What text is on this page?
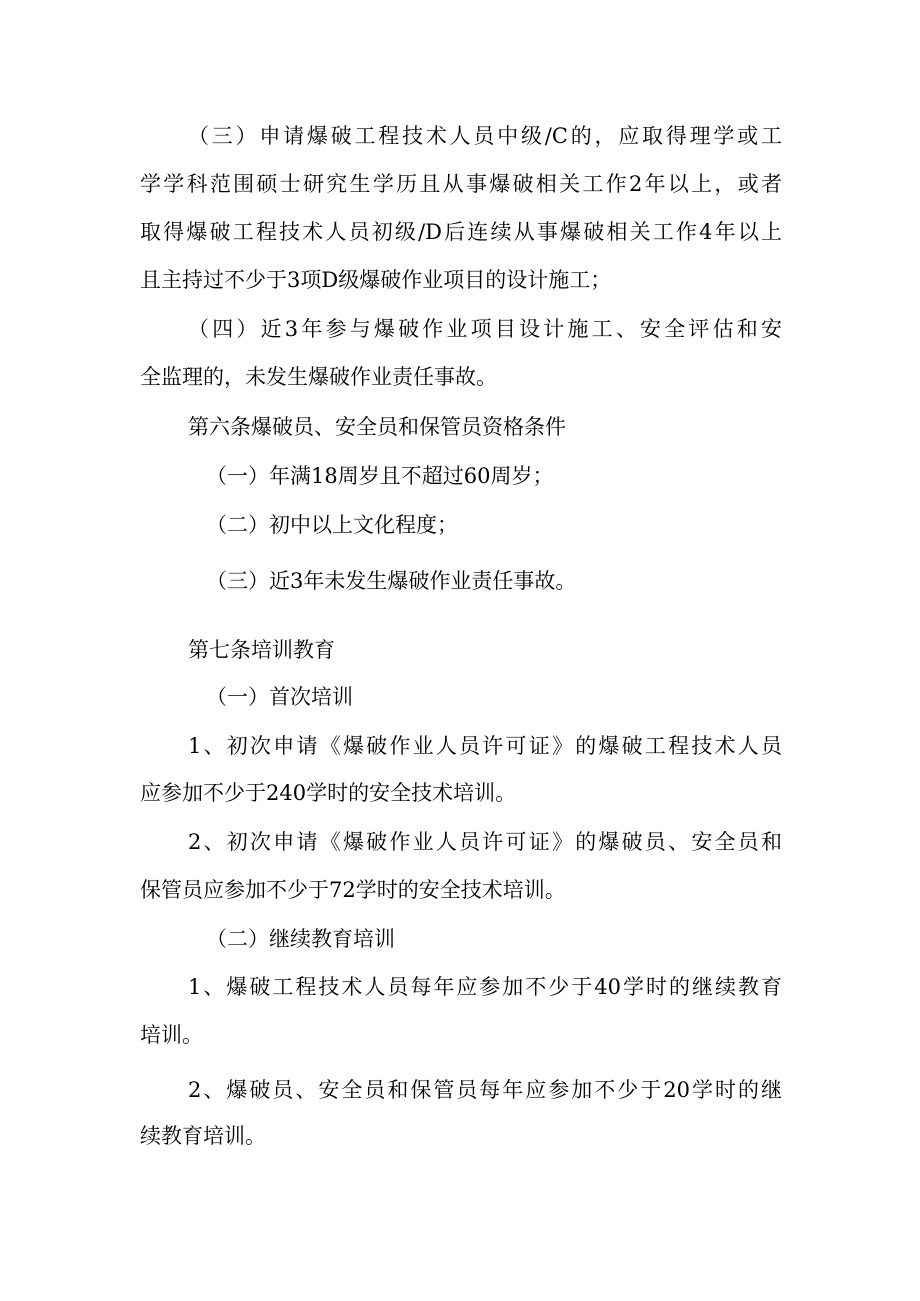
（三）申请爆破工程技术人员中级/C的，应取得理学或工
学学科范围硕士研究生学历且从事爆破相关工作2年以上，或者
取得爆破工程技术人员初级/D后连续从事爆破相关工作4年以上
且主持过不少于3项D级爆破作业项目的设计施工；
（四）近3年参与爆破作业项目设计施工、安全评估和安
全监理的，未发生爆破作业责任事故。
第六条爆破员、安全员和保管员资格条件
（一）年满18周岁且不超过60周岁；
（二）初中以上文化程度；
（三）近3年未发生爆破作业责任事故。
第七条培训教育
（一）首次培训
1、初次申请《爆破作业人员许可证》的爆破工程技术人员
应参加不少于240学时的安全技术培训。
2、初次申请《爆破作业人员许可证》的爆破员、安全员和
保管员应参加不少于72学时的安全技术培训。
（二）继续教育培训
1、爆破工程技术人员每年应参加不少于40学时的继续教育
培训。
2、爆破员、安全员和保管员每年应参加不少于20学时的继
续教育培训。
